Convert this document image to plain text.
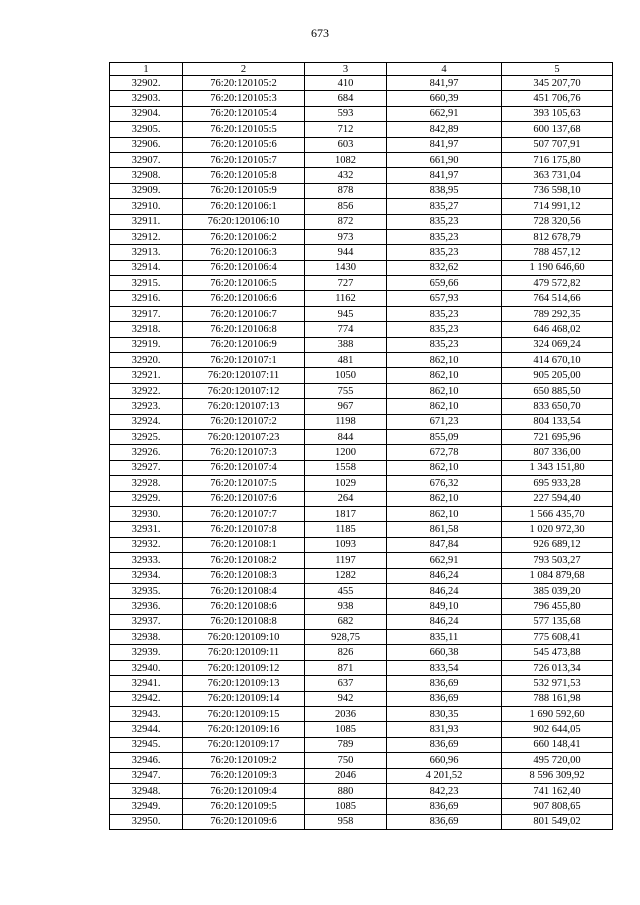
673
1	2	3	4	5
32902.	76:20:120105:2	410	841,97	345 207,70
32903.	76:20:120105:3	684	660,39	451 706,76
32904.	76:20:120105:4	593	662,91	393 105,63
32905.	76:20:120105:5	712	842,89	600 137,68
32906.	76:20:120105:6	603	841,97	507 707,91
32907.	76:20:120105:7	1082	661,90	716 175,80
32908.	76:20:120105:8	432	841,97	363 731,04
32909.	76:20:120105:9	878	838,95	736 598,10
32910.	76:20:120106:1	856	835,27	714 991,12
32911.	76:20:120106:10	872	835,23	728 320,56
32912.	76:20:120106:2	973	835,23	812 678,79
32913.	76:20:120106:3	944	835,23	788 457,12
32914.	76:20:120106:4	1430	832,62	1 190 646,60
32915.	76:20:120106:5	727	659,66	479 572,82
32916.	76:20:120106:6	1162	657,93	764 514,66
32917.	76:20:120106:7	945	835,23	789 292,35
32918.	76:20:120106:8	774	835,23	646 468,02
32919.	76:20:120106:9	388	835,23	324 069,24
32920.	76:20:120107:1	481	862,10	414 670,10
32921.	76:20:120107:11	1050	862,10	905 205,00
32922.	76:20:120107:12	755	862,10	650 885,50
32923.	76:20:120107:13	967	862,10	833 650,70
32924.	76:20:120107:2	1198	671,23	804 133,54
32925.	76:20:120107:23	844	855,09	721 695,96
32926.	76:20:120107:3	1200	672,78	807 336,00
32927.	76:20:120107:4	1558	862,10	1 343 151,80
32928.	76:20:120107:5	1029	676,32	695 933,28
32929.	76:20:120107:6	264	862,10	227 594,40
32930.	76:20:120107:7	1817	862,10	1 566 435,70
32931.	76:20:120107:8	1185	861,58	1 020 972,30
32932.	76:20:120108:1	1093	847,84	926 689,12
32933.	76:20:120108:2	1197	662,91	793 503,27
32934.	76:20:120108:3	1282	846,24	1 084 879,68
32935.	76:20:120108:4	455	846,24	385 039,20
32936.	76:20:120108:6	938	849,10	796 455,80
32937.	76:20:120108:8	682	846,24	577 135,68
32938.	76:20:120109:10	928,75	835,11	775 608,41
32939.	76:20:120109:11	826	660,38	545 473,88
32940.	76:20:120109:12	871	833,54	726 013,34
32941.	76:20:120109:13	637	836,69	532 971,53
32942.	76:20:120109:14	942	836,69	788 161,98
32943.	76:20:120109:15	2036	830,35	1 690 592,60
32944.	76:20:120109:16	1085	831,93	902 644,05
32945.	76:20:120109:17	789	836,69	660 148,41
32946.	76:20:120109:2	750	660,96	495 720,00
32947.	76:20:120109:3	2046	4 201,52	8 596 309,92
32948.	76:20:120109:4	880	842,23	741 162,40
32949.	76:20:120109:5	1085	836,69	907 808,65
32950.	76:20:120109:6	958	836,69	801 549,02
